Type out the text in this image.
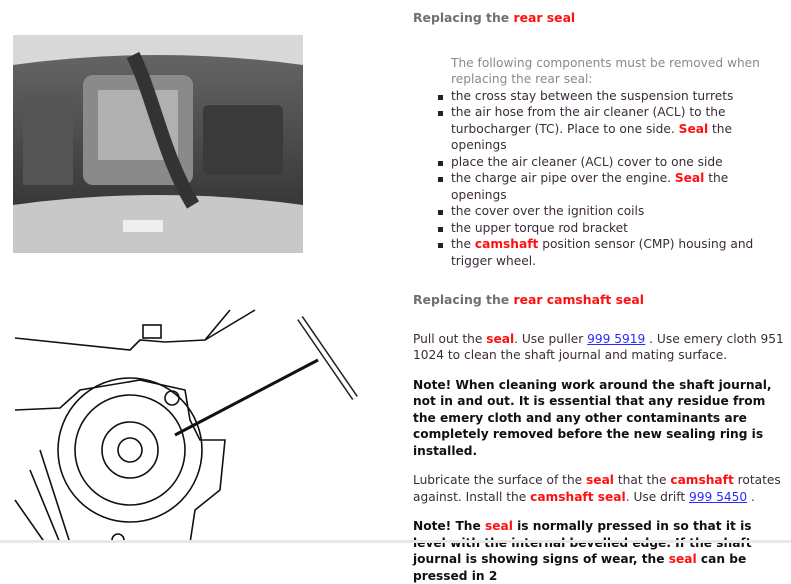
Replacing the rear seal
The following components must be removed when replacing the rear seal:
the cross stay between the suspension turrets
the air hose from the air cleaner (ACL) to the turbocharger (TC). Place to one side. Seal the openings
place the air cleaner (ACL) cover to one side
the charge air pipe over the engine. Seal the openings
the cover over the ignition coils
the upper torque rod bracket
the camshaft position sensor (CMP) housing and trigger wheel.
Replacing the rear camshaft seal

Pull out the seal. Use puller 999 5919 . Use emery cloth 951 1024 to clean the shaft journal and mating surface.

Note! When cleaning work around the shaft journal, not in and out. It is essential that any residue from the emery cloth and any other contaminants are completely removed before the new sealing ring is installed.

Lubricate the surface of the seal that the camshaft rotates against. Install the camshaft seal. Use drift 999 5450 .

Note! The seal is normally pressed in so that it is journal is showing signs of wear, the seal can be pressed in 2
